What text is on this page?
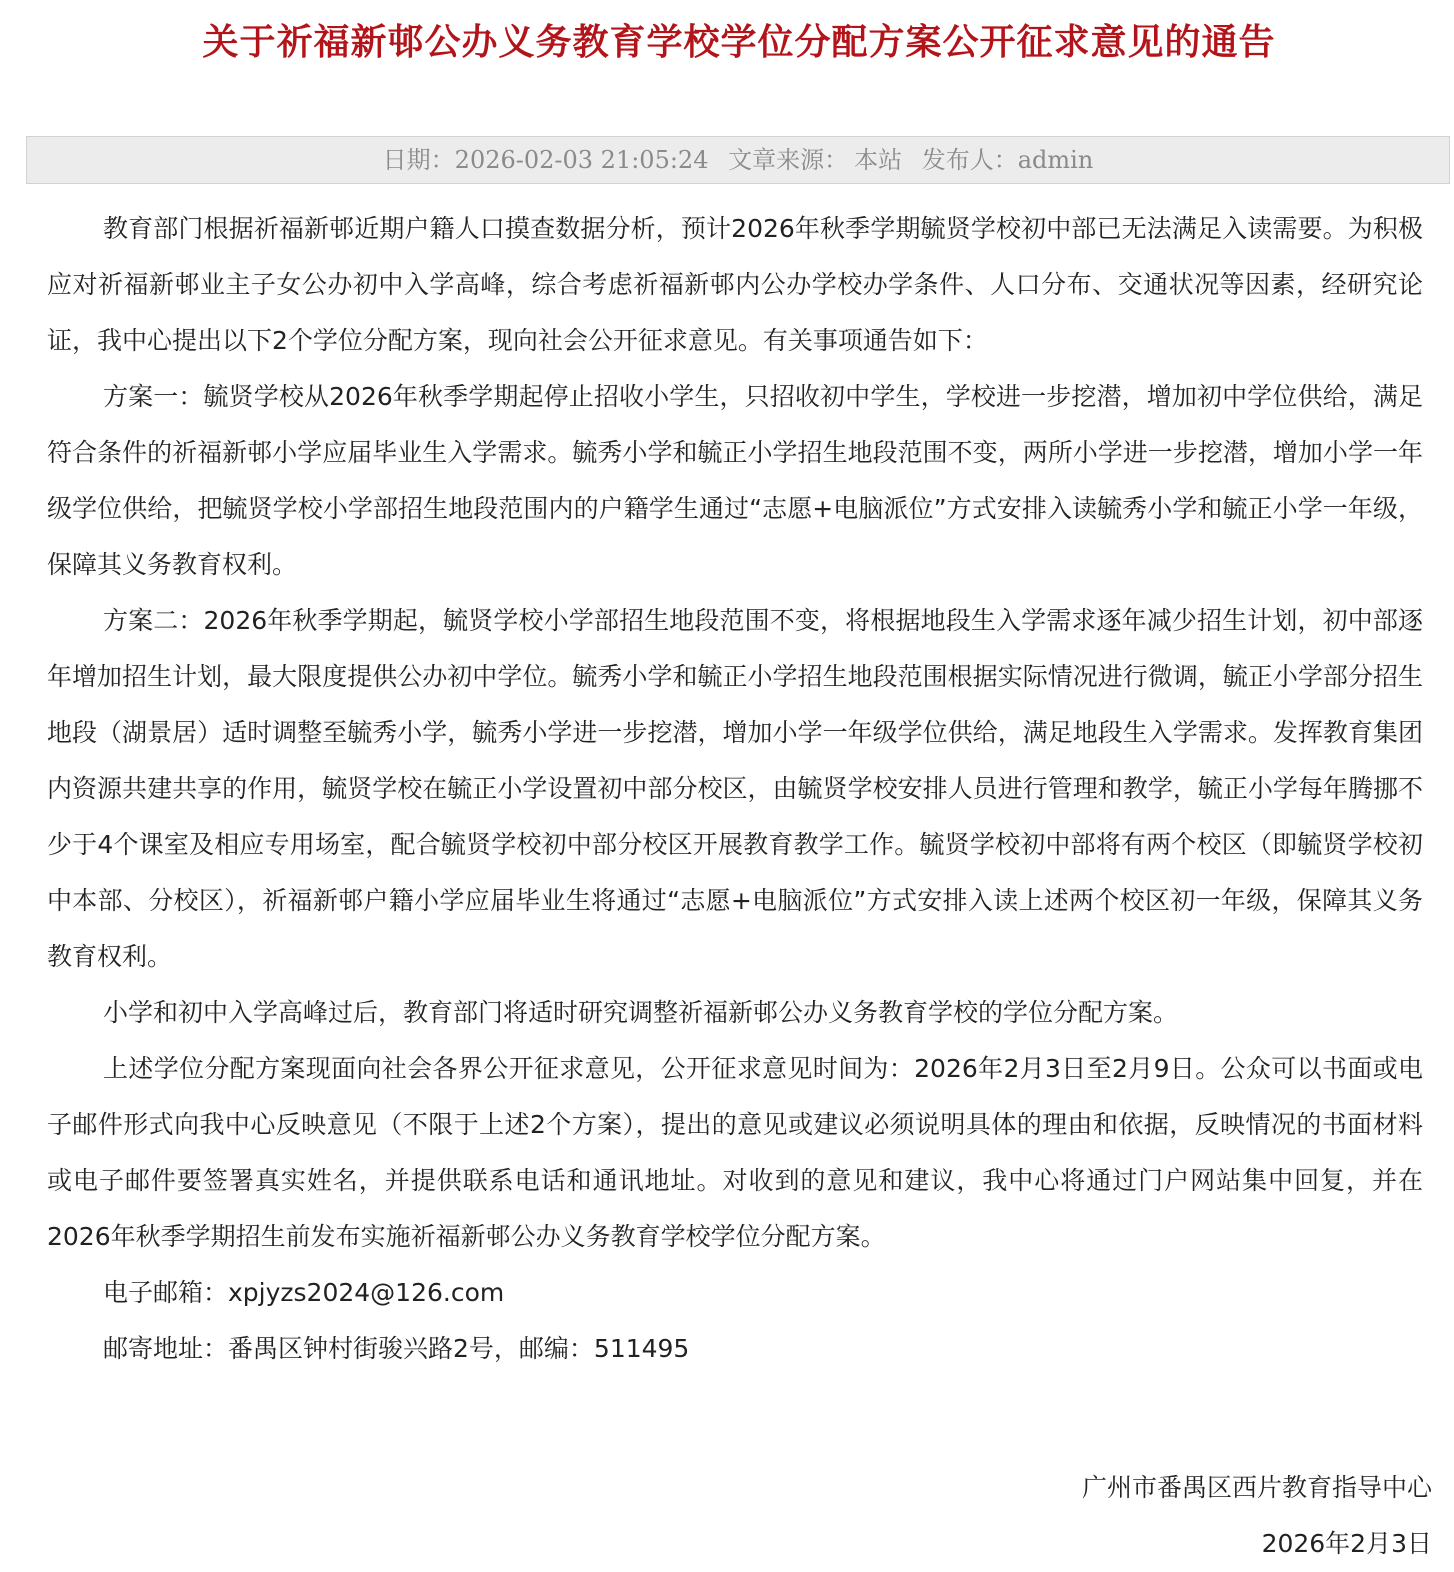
关于祈福新邨公办义务教育学校学位分配方案公开征求意见的通告
日期：2026-02-03 21:05:24 文章来源： 本站 发布人：admin

教育部门根据祈福新邨近期户籍人口摸查数据分析，预计2026年秋季学期毓贤学校初中部已无法满足入读需要。为积极应对祈福新邨业主子女公办初中入学高峰，综合考虑祈福新邨内公办学校办学条件、人口分布、交通状况等因素，经研究论证，我中心提出以下2个学位分配方案，现向社会公开征求意见。有关事项通告如下：

方案一：毓贤学校从2026年秋季学期起停止招收小学生，只招收初中学生，学校进一步挖潜，增加初中学位供给，满足符合条件的祈福新邨小学应届毕业生入学需求。毓秀小学和毓正小学招生地段范围不变，两所小学进一步挖潜，增加小学一年级学位供给，把毓贤学校小学部招生地段范围内的户籍学生通过“志愿+电脑派位”方式安排入读毓秀小学和毓正小学一年级，保障其义务教育权利。

方案二：2026年秋季学期起，毓贤学校小学部招生地段范围不变，将根据地段生入学需求逐年减少招生计划，初中部逐年增加招生计划，最大限度提供公办初中学位。毓秀小学和毓正小学招生地段范围根据实际情况进行微调，毓正小学部分招生地段（湖景居）适时调整至毓秀小学，毓秀小学进一步挖潜，增加小学一年级学位供给，满足地段生入学需求。发挥教育集团内资源共建共享的作用，毓贤学校在毓正小学设置初中部分校区，由毓贤学校安排人员进行管理和教学，毓正小学每年腾挪不少于4个课室及相应专用场室，配合毓贤学校初中部分校区开展教育教学工作。毓贤学校初中部将有两个校区（即毓贤学校初中本部、分校区），祈福新邨户籍小学应届毕业生将通过“志愿+电脑派位”方式安排入读上述两个校区初一年级，保障其义务教育权利。

小学和初中入学高峰过后，教育部门将适时研究调整祈福新邨公办义务教育学校的学位分配方案。

上述学位分配方案现面向社会各界公开征求意见，公开征求意见时间为：2026年2月3日至2月9日。公众可以书面或电子邮件形式向我中心反映意见（不限于上述2个方案），提出的意见或建议必须说明具体的理由和依据，反映情况的书面材料或电子邮件要签署真实姓名，并提供联系电话和通讯地址。对收到的意见和建议，我中心将通过门户网站集中回复，并在2026年秋季学期招生前发布实施祈福新邨公办义务教育学校学位分配方案。

电子邮箱：xpjyzs2024@126.com

邮寄地址：番禺区钟村街骏兴路2号，邮编：511495

广州市番禺区西片教育指导中心
2026年2月3日
